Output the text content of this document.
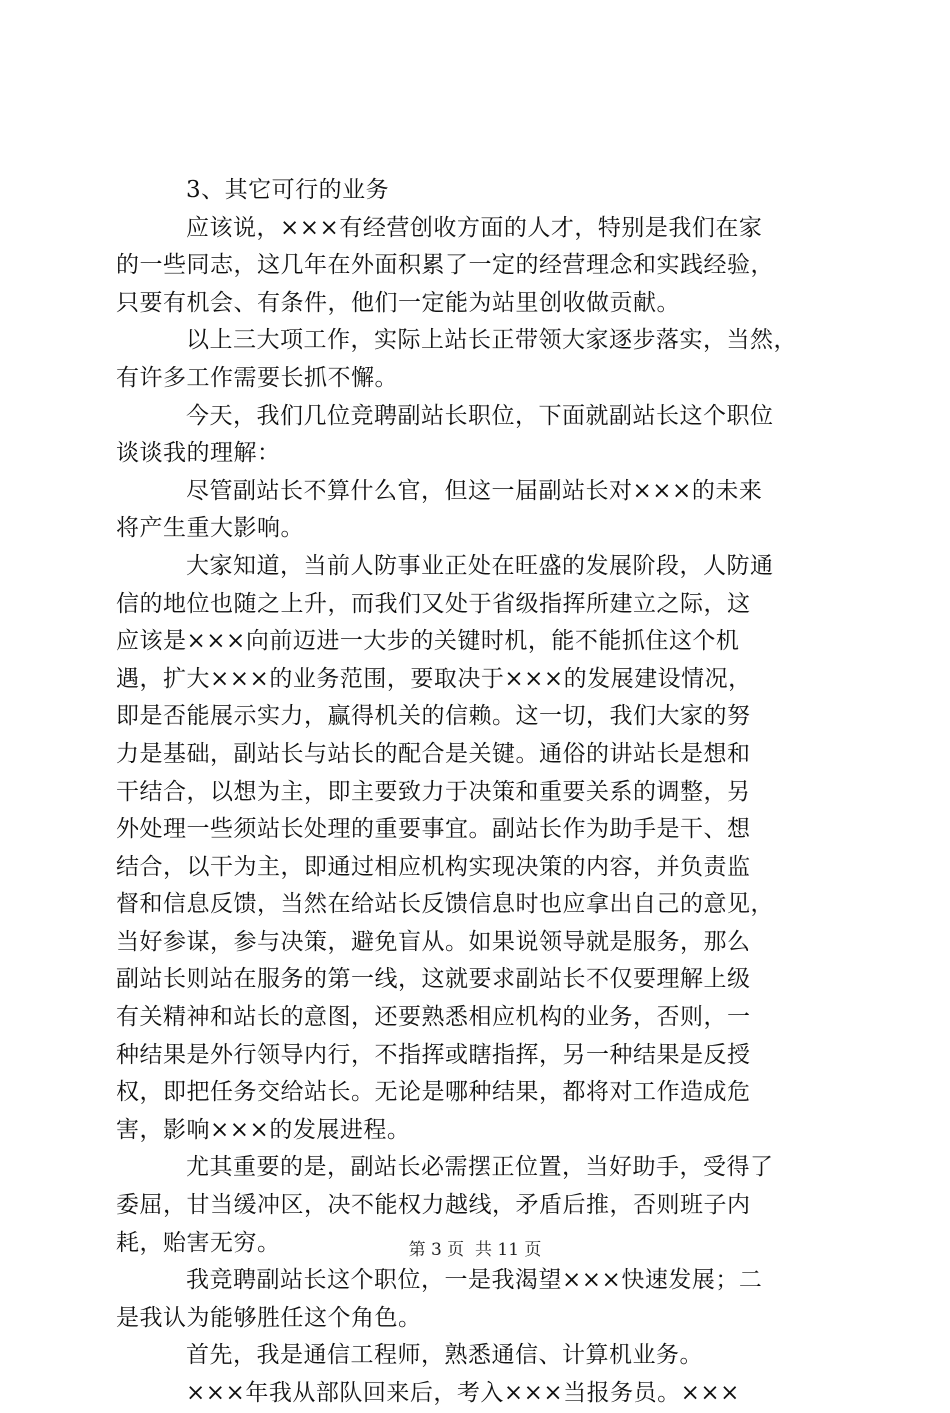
3、其它可行的业务
应该说，×××有经营创收方面的人才，特别是我们在家
的一些同志，这几年在外面积累了一定的经营理念和实践经验，
只要有机会、有条件，他们一定能为站里创收做贡献。
以上三大项工作，实际上站长正带领大家逐步落实，当然，
有许多工作需要长抓不懈。
今天，我们几位竞聘副站长职位，下面就副站长这个职位
谈谈我的理解：
尽管副站长不算什么官，但这一届副站长对×××的未来
将产生重大影响。
大家知道，当前人防事业正处在旺盛的发展阶段，人防通
信的地位也随之上升，而我们又处于省级指挥所建立之际，这
应该是×××向前迈进一大步的关键时机，能不能抓住这个机
遇，扩大×××的业务范围，要取决于×××的发展建设情况，
即是否能展示实力，赢得机关的信赖。这一切，我们大家的努
力是基础，副站长与站长的配合是关键。通俗的讲站长是想和
干结合，以想为主，即主要致力于决策和重要关系的调整，另
外处理一些须站长处理的重要事宜。副站长作为助手是干、想
结合，以干为主，即通过相应机构实现决策的内容，并负责监
督和信息反馈，当然在给站长反馈信息时也应拿出自己的意见，
当好参谋，参与决策，避免盲从。如果说领导就是服务，那么
副站长则站在服务的第一线，这就要求副站长不仅要理解上级
有关精神和站长的意图，还要熟悉相应机构的业务，否则，一
种结果是外行领导内行，不指挥或瞎指挥，另一种结果是反授
权，即把任务交给站长。无论是哪种结果，都将对工作造成危
害，影响×××的发展进程。
尤其重要的是，副站长必需摆正位置，当好助手，受得了
委屈，甘当缓冲区，决不能权力越线，矛盾后推，否则班子内
耗，贻害无穷。
我竞聘副站长这个职位，一是我渴望×××快速发展；二
是我认为能够胜任这个角色。
首先，我是通信工程师，熟悉通信、计算机业务。
×××年我从部队回来后，考入×××当报务员。×××
第 3 页  共 11 页
